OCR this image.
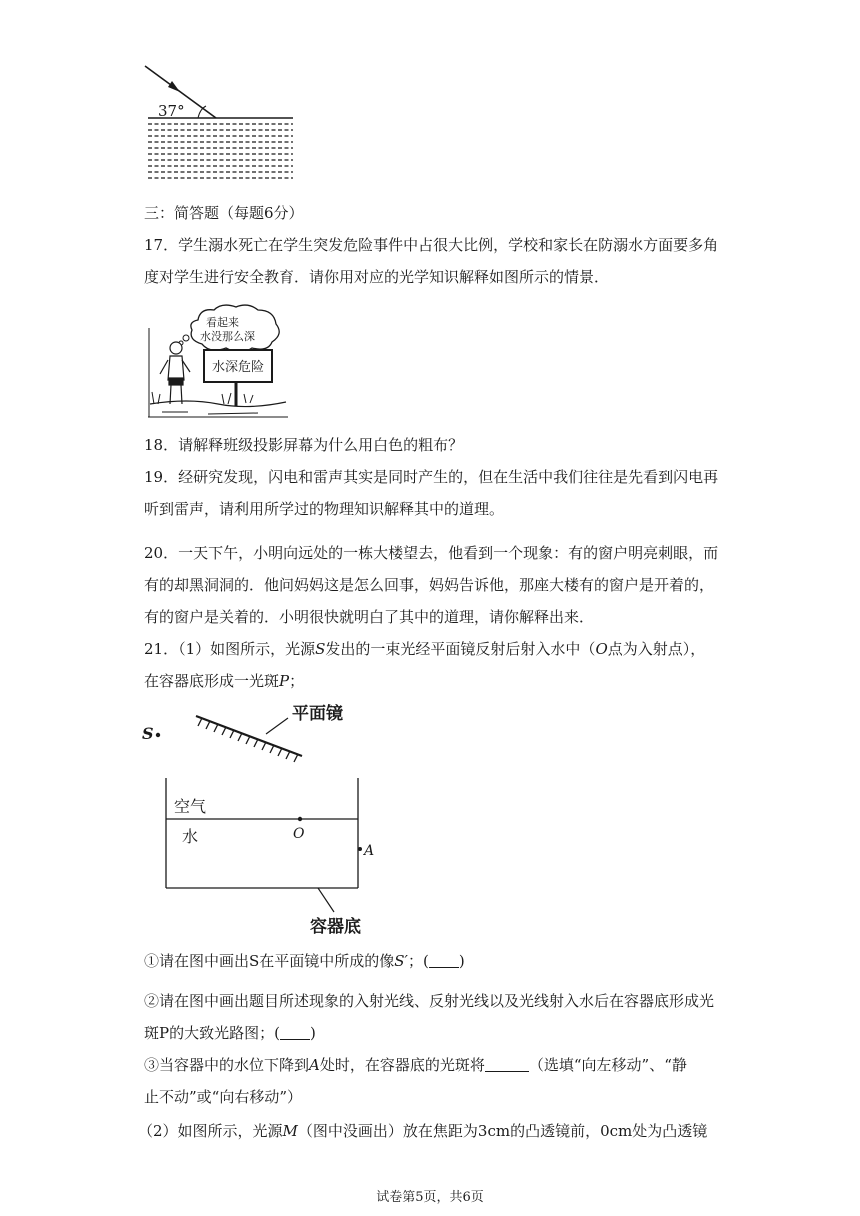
37°
三：简答题（每题6分）
17．学生溺水死亡在学生突发危险事件中占很大比例，学校和家长在防溺水方面要多角
度对学生进行安全教育．请你用对应的光学知识解释如图所示的情景．
看起来
水没那么深
水深危险
18．请解释班级投影屏幕为什么用白色的粗布？
19．经研究发现，闪电和雷声其实是同时产生的，但在生活中我们往往是先看到闪电再
听到雷声，请利用所学过的物理知识解释其中的道理。
20．一天下午，小明向远处的一栋大楼望去，他看到一个现象：有的窗户明亮刺眼，而
有的却黑洞洞的．他问妈妈这是怎么回事，妈妈告诉他，那座大楼有的窗户是开着的，
有的窗户是关着的．小明很快就明白了其中的道理，请你解释出来．
21．（1）如图所示，光源S发出的一束光经平面镜反射后射入水中（O点为入射点），
在容器底形成一光斑P；
S
平面镜
空气
水	O
A
容器底
①请在图中画出S在平面镜中所成的像S′；( )
②请在图中画出题目所述现象的入射光线、反射光线以及光线射入水后在容器底形成光
斑P的大致光路图；( )
③当容器中的水位下降到A处时，在容器底的光斑将	（选填“向左移动”、“静
止不动”或“向右移动”）
（2）如图所示，光源M（图中没画出）放在焦距为3cm的凸透镜前，0cm处为凸透镜
试卷第5页，共6页
